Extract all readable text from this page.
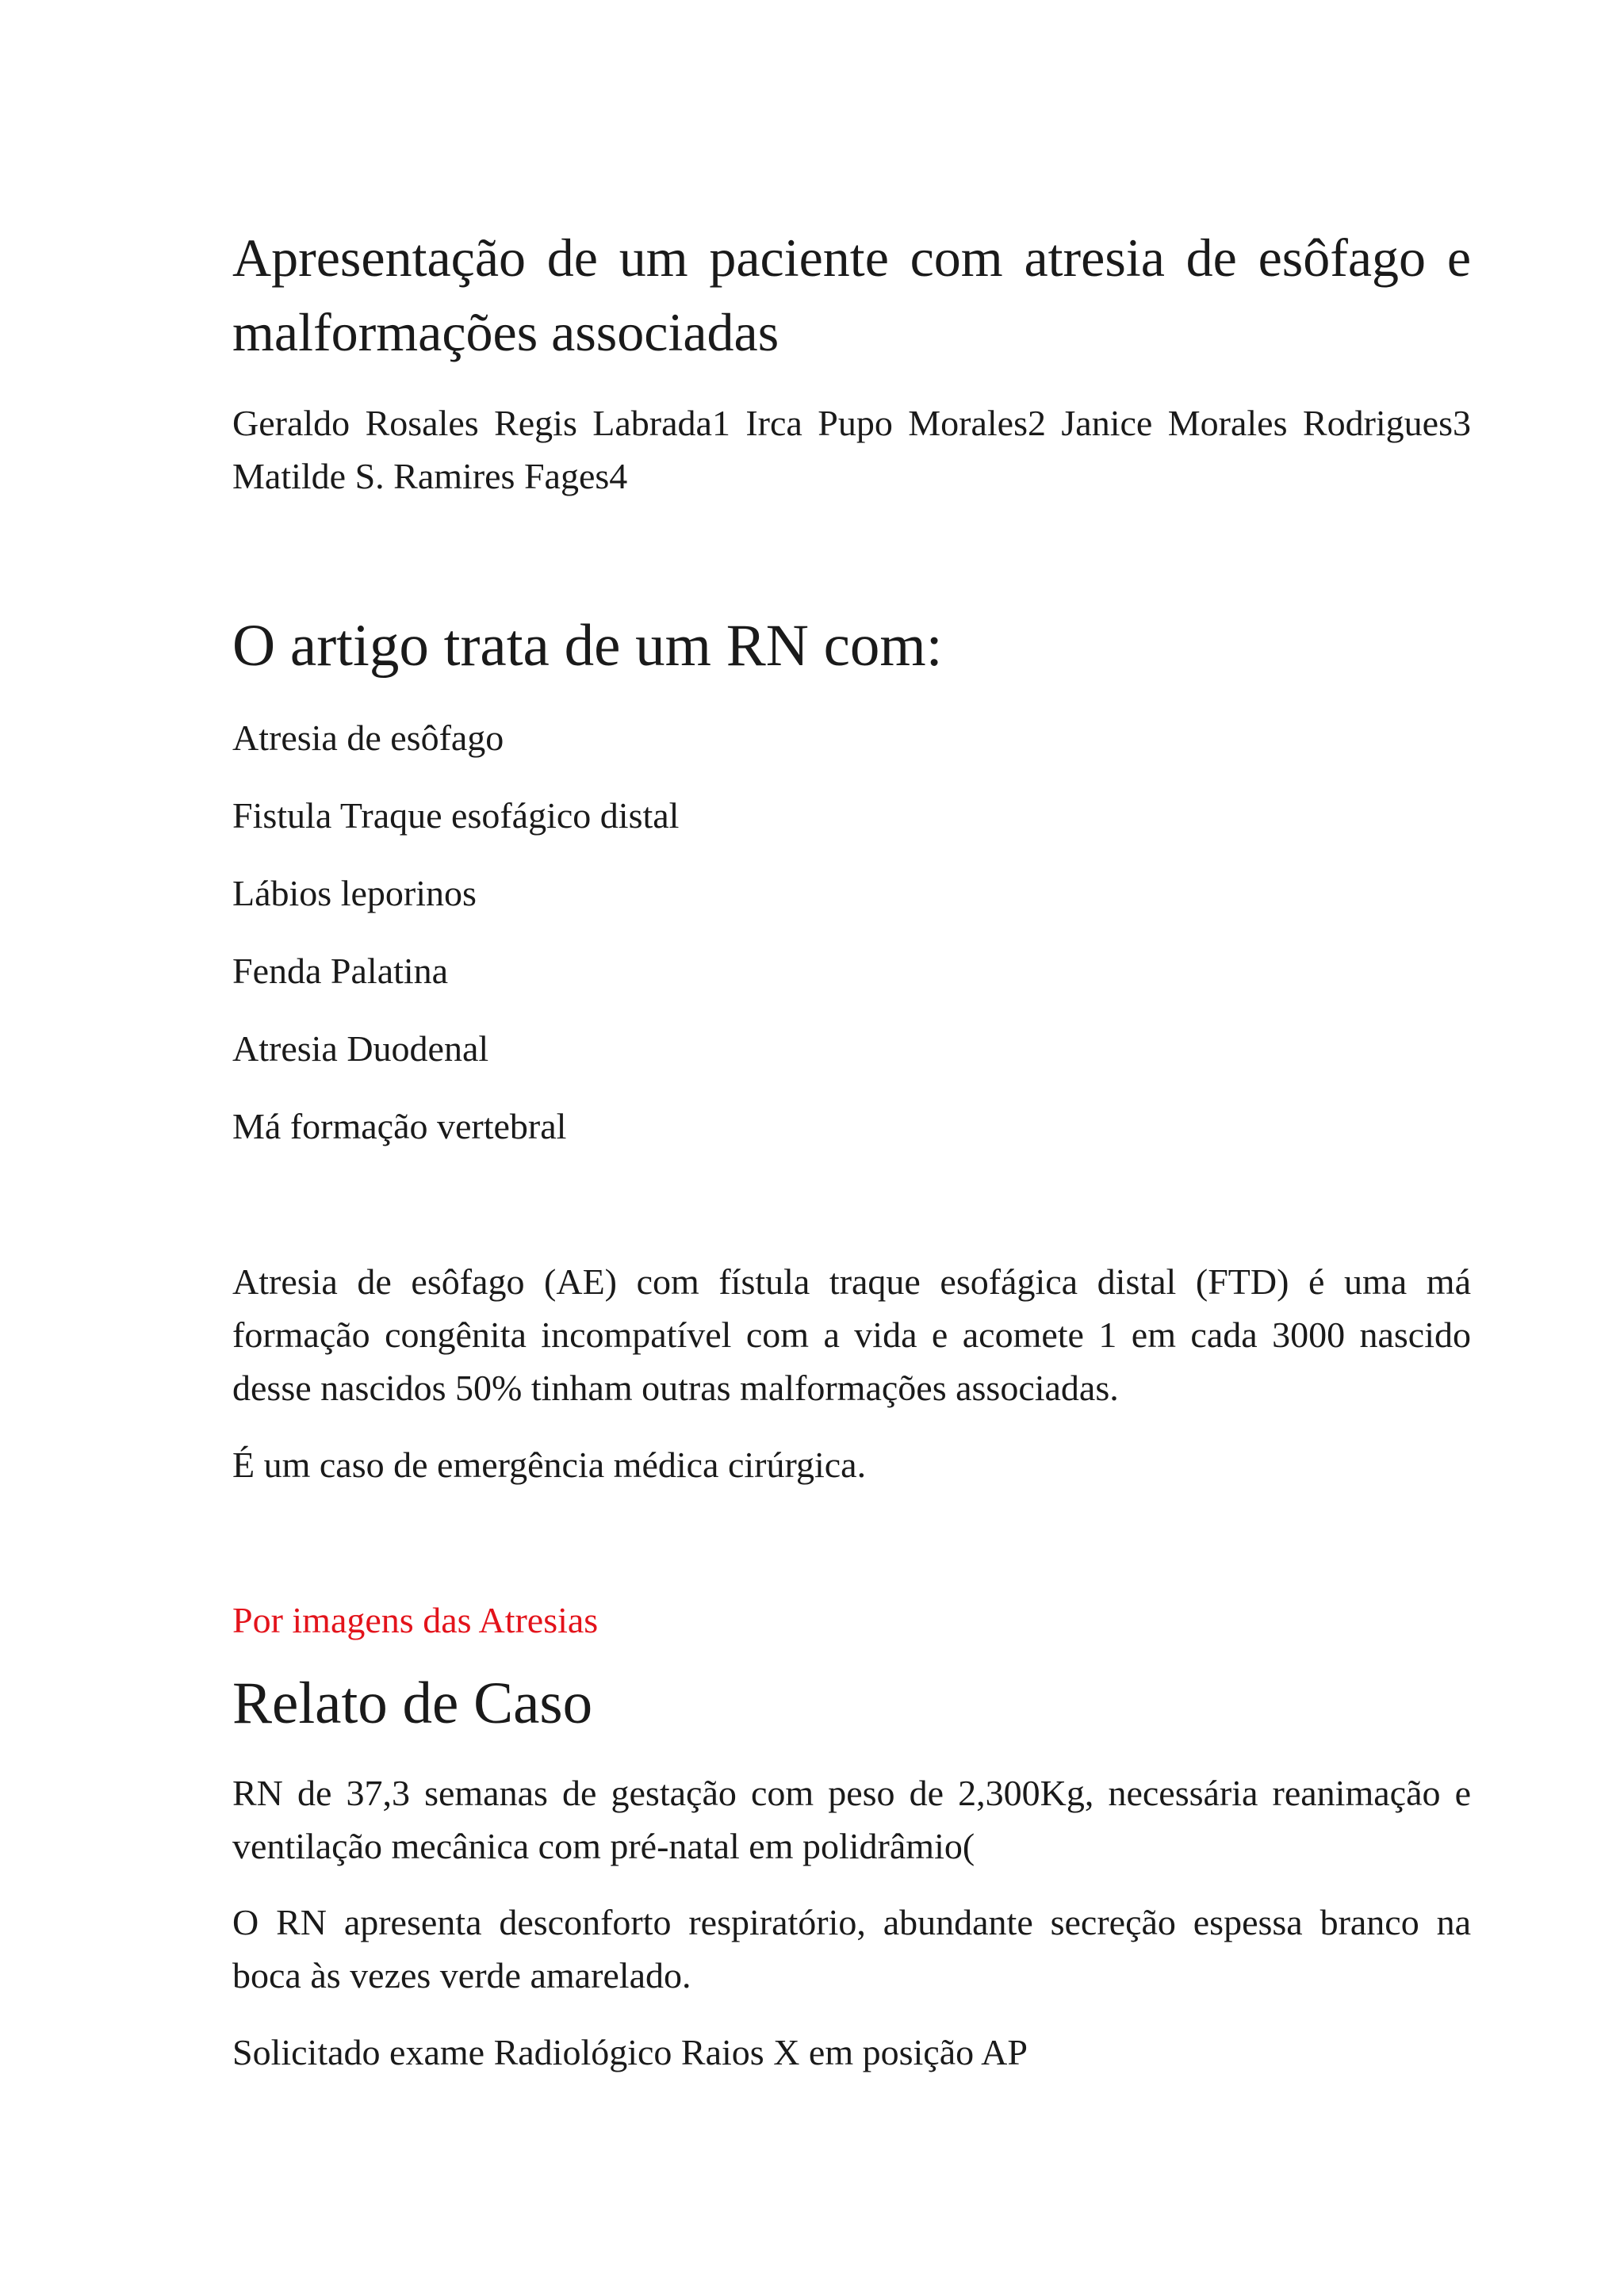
Apresentação de um paciente com atresia de esôfago e malformações associadas

Geraldo Rosales Regis Labrada1 Irca Pupo Morales2 Janice Morales Rodrigues3 Matilde S. Ramires Fages4

O artigo trata de um RN com:

Atresia de esôfago

Fistula Traque esofágico distal

Lábios leporinos

Fenda Palatina

Atresia Duodenal

Má formação vertebral

Atresia de esôfago (AE) com fístula traque esofágica distal (FTD) é uma má formação congênita incompatível com a vida e acomete 1 em cada 3000 nascido desse nascidos 50% tinham outras malformações associadas.

É um caso de emergência médica cirúrgica.

Por imagens das Atresias

Relato de Caso

RN de 37,3 semanas de gestação com peso de 2,300Kg, necessária reanimação e ventilação mecânica com pré-natal em polidrâmio(

O RN apresenta desconforto respiratório, abundante secreção espessa branco na boca às vezes verde amarelado.

Solicitado exame Radiológico Raios X em posição AP
